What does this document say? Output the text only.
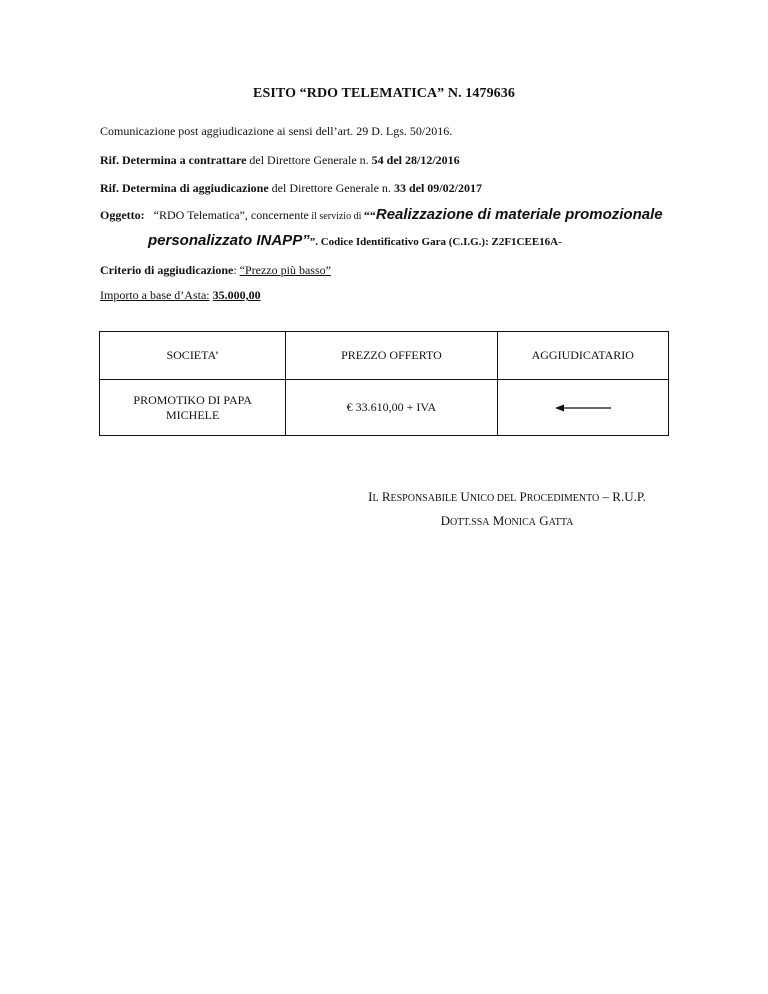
ESITO “RDO TELEMATICA” N. 1479636
Comunicazione post aggiudicazione ai sensi dell’art. 29 D. Lgs. 50/2016.
Rif. Determina a contrattare del Direttore Generale n. 54 del 28/12/2016
Rif. Determina di aggiudicazione del Direttore Generale n. 33 del 09/02/2017
Oggetto: “RDO Telematica”, concernente il servizio di ““Realizzazione di materiale promozionale
personalizzato INAPP””. Codice Identificativo Gara (C.I.G.): Z2F1CEE16A-
Criterio di aggiudicazione: “Prezzo più basso”
Importo a base d’Asta: 35.000,00
SOCIETA’	PREZZO OFFERTO	AGGIUDICATARIO
PROMOTIKO DI PAPA
MICHELE	€ 33.610,00 + IVA	
IL RESPONSABILE UNICO DEL PROCEDIMENTO – R.U.P.
DOTT.SSA MONICA GATTA
